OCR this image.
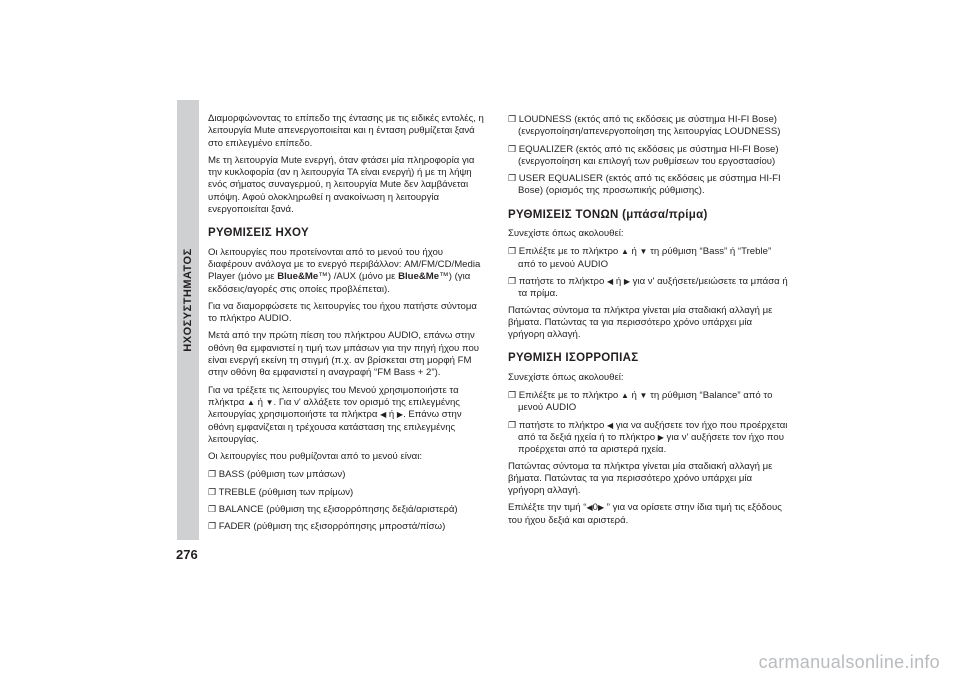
ΗΧΟΣΥΣΤΗΜΑΤΟΣ
276

Διαμορφώνοντας το επίπεδο της έντασης με τις ειδικές εντολές, η λειτουργία Mute απενεργοποιείται και η ένταση ρυθμίζεται ξανά στο επιλεγμένο επίπεδο.

Με τη λειτουργία Mute ενεργή, όταν φτάσει μία πληροφορία για την κυκλοφορία (αν η λειτουργία TA είναι ενεργή) ή με τη λήψη ενός σήματος συναγερμού, η λειτουργία Mute δεν λαμβάνεται υπόψη. Αφού ολοκληρωθεί η ανακοίνωση η λειτουργία ενεργοποιείται ξανά.

ΡΥΘΜΙΣΕΙΣ ΗΧΟΥ

Οι λειτουργίες που προτείνονται από το μενού του ήχου διαφέρουν ανάλογα με το ενεργό περιβάλλον: AM/FM/CD/Media Player (μόνο με Blue&Me™) /AUX (μόνο με Blue&Me™) (για εκδόσεις/αγορές στις οποίες προβλέπεται).

Για να διαμορφώσετε τις λειτουργίες του ήχου πατήστε σύντομα το πλήκτρο AUDIO.

Μετά από την πρώτη πίεση του πλήκτρου AUDIO, επάνω στην οθόνη θα εμφανιστεί η τιμή των μπάσων για την πηγή ήχου που είναι ενεργή εκείνη τη στιγμή (π.χ. αν βρίσκεται στη μορφή FM στην οθόνη θα εμφανιστεί η αναγραφή “FM Bass + 2”).

Για να τρέξετε τις λειτουργίες του Μενού χρησιμοποιήστε τα πλήκτρα ▲ ή ▼. Για ν' αλλάξετε τον ορισμό της επιλεγμένης λειτουργίας χρησιμοποιήστε τα πλήκτρα ◀ ή ▶. Επάνω στην οθόνη εμφανίζεται η τρέχουσα κατάσταση της επιλεγμένης λειτουργίας.

Οι λειτουργίες που ρυθμίζονται από το μενού είναι:

❐ BASS (ρύθμιση των μπάσων)
❐ TREBLE (ρύθμιση των πρίμων)
❐ BALANCE (ρύθμιση της εξισορρόπησης δεξιά/αριστερά)
❐ FADER (ρύθμιση της εξισορρόπησης μπροστά/πίσω)
❐ LOUDNESS (εκτός από τις εκδόσεις με σύστημα HI-FI Bose) (ενεργοποίηση/απενεργοποίηση της λειτουργίας LOUDNESS)
❐ EQUALIZER (εκτός από τις εκδόσεις με σύστημα HI-FI Bose) (ενεργοποίηση και επιλογή των ρυθμίσεων του εργοστασίου)
❐ USER EQUALISER (εκτός από τις εκδόσεις με σύστημα HI-FI Bose) (ορισμός της προσωπικής ρύθμισης).
ΡΥΘΜΙΣΕΙΣ ΤΟΝΩΝ (μπάσα/πρίμα)

Συνεχίστε όπως ακολουθεί:

❐ Επιλέξτε με το πλήκτρο ▲ ή ▼ τη ρύθμιση “Bass” ή “Treble” από το μενού AUDIO
❐ πατήστε το πλήκτρο ◀ ή ▶ για ν' αυξήσετε/μειώσετε τα μπάσα ή τα πρίμα.

Πατώντας σύντομα τα πλήκτρα γίνεται μία σταδιακή αλλαγή με βήματα. Πατώντας τα για περισσότερο χρόνο υπάρχει μία γρήγορη αλλαγή.

ΡΥΘΜΙΣΗ ΙΣΟΡΡΟΠΙΑΣ

Συνεχίστε όπως ακολουθεί:

❐ Επιλέξτε με το πλήκτρο ▲ ή ▼ τη ρύθμιση “Balance” από το μενού AUDIO
❐ πατήστε το πλήκτρο ◀ για να αυξήσετε τον ήχο που προέρχεται από τα δεξιά ηχεία ή το πλήκτρο ▶ για ν' αυξήσετε τον ήχο που προέρχεται από τα αριστερά ηχεία.

Πατώντας σύντομα τα πλήκτρα γίνεται μία σταδιακή αλλαγή με βήματα. Πατώντας τα για περισσότερο χρόνο υπάρχει μία γρήγορη αλλαγή.

Επιλέξτε την τιμή “◀0▶ ” για να ορίσετε στην ίδια τιμή τις εξόδους του ήχου δεξιά και αριστερά.

carmanualsonline.info
